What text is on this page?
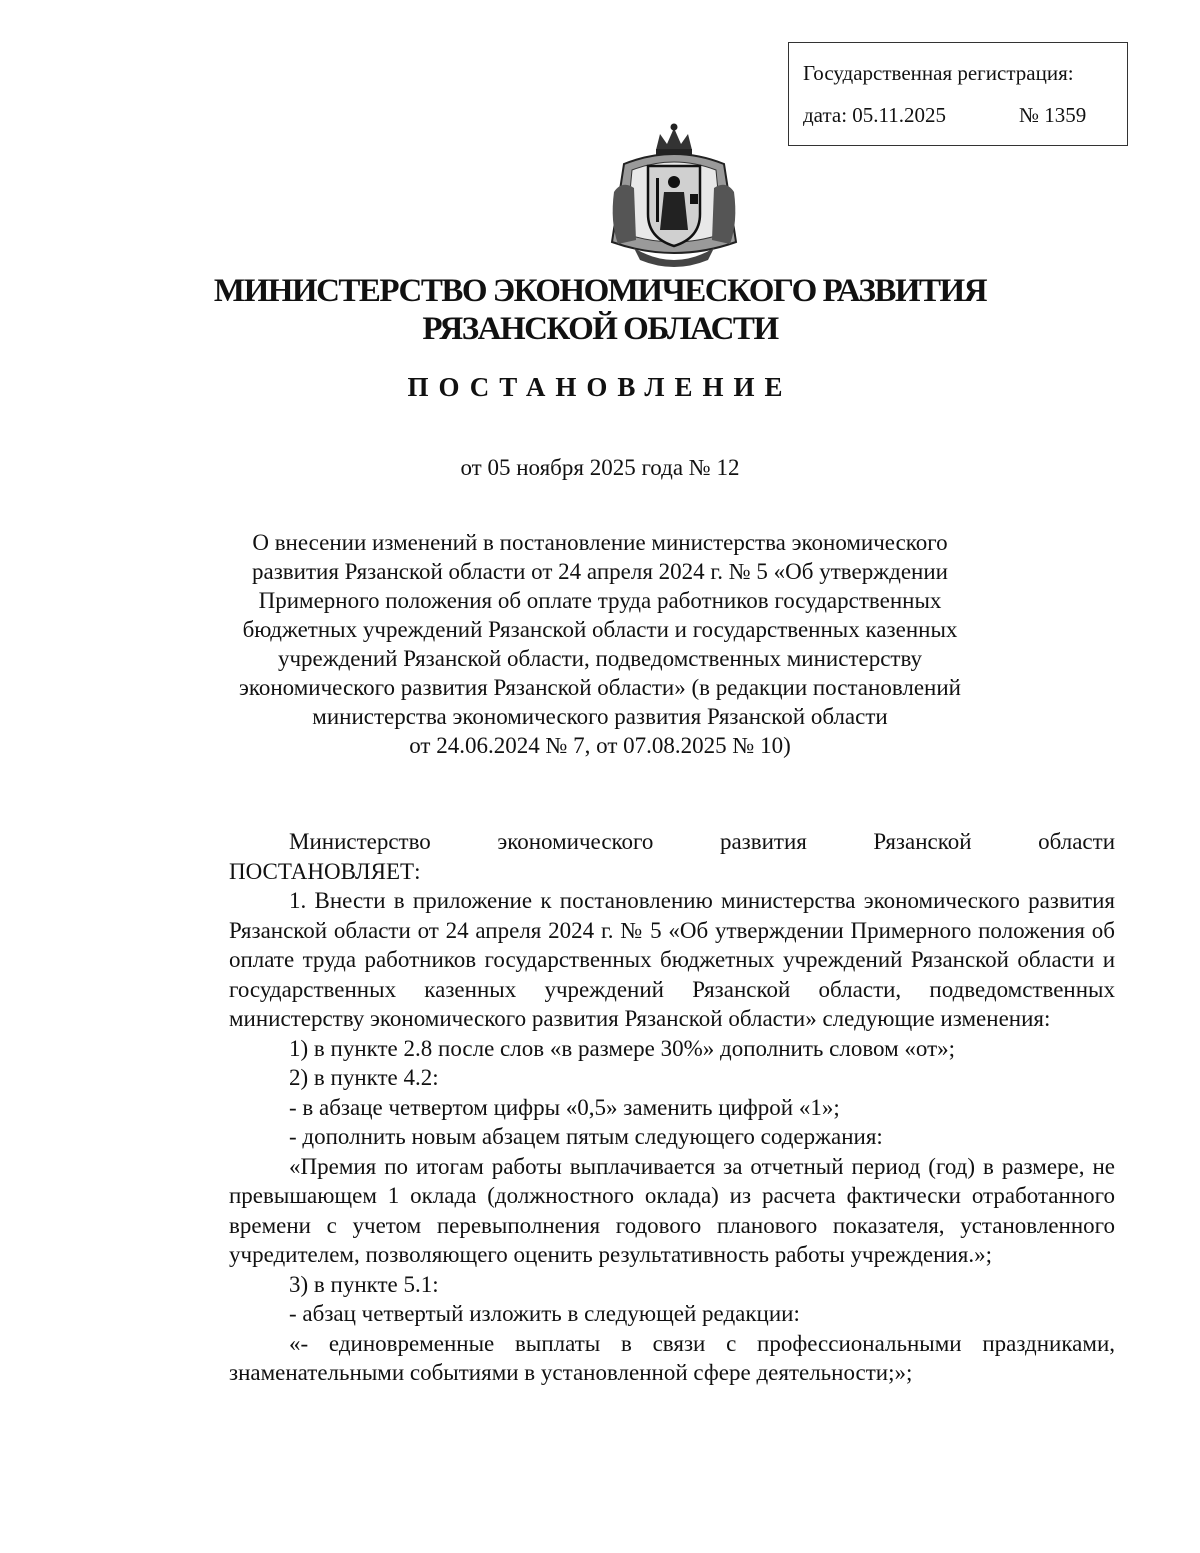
Государственная регистрация:
дата: 05.11.2025	№ 1359
МИНИСТЕРСТВО ЭКОНОМИЧЕСКОГО РАЗВИТИЯ
РЯЗАНСКОЙ ОБЛАСТИ
ПОСТАНОВЛЕНИЕ
от 05 ноября 2025 года № 12
О внесении изменений в постановление министерства экономического
развития Рязанской области от 24 апреля 2024 г. № 5 «Об утверждении
Примерного положения об оплате труда работников государственных
бюджетных учреждений Рязанской области и государственных казенных
учреждений Рязанской области, подведомственных министерству
экономического развития Рязанской области» (в редакции постановлений
министерства экономического развития Рязанской области
от 24.06.2024 № 7, от 07.08.2025 № 10)

Министерство экономического развития Рязанской области

ПОСТАНОВЛЯЕТ:

1. Внести в приложение к постановлению министерства экономического развития Рязанской области от 24 апреля 2024 г. № 5 «Об утверждении Примерного положения об оплате труда работников государственных бюджетных учреждений Рязанской области и государственных казенных учреждений Рязанской области, подведомственных министерству экономического развития Рязанской области» следующие изменения:

1) в пункте 2.8 после слов «в размере 30%» дополнить словом «от»;

2) в пункте 4.2:

- в абзаце четвертом цифры «0,5» заменить цифрой «1»;

- дополнить новым абзацем пятым следующего содержания:

«Премия по итогам работы выплачивается за отчетный период (год) в размере, не превышающем 1 оклада (должностного оклада) из расчета фактически отработанного времени с учетом перевыполнения годового планового показателя, установленного учредителем, позволяющего оценить результативность работы учреждения.»;

3) в пункте 5.1:

- абзац четвертый изложить в следующей редакции:

«- единовременные выплаты в связи с профессиональными праздниками, знаменательными событиями в установленной сфере деятельности;»;
